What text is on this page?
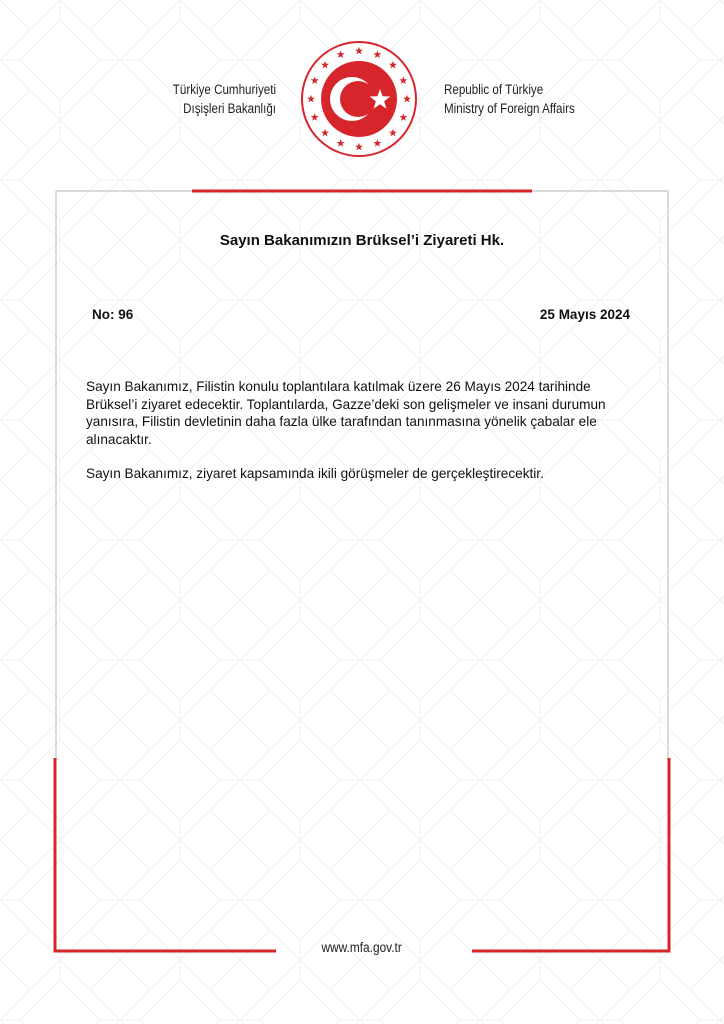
Türkiye Cumhuriyeti
Dışişleri Bakanlığı
Republic of Türkiye
Ministry of Foreign Affairs
Sayın Bakanımızın Brüksel’i Ziyareti Hk.
No: 96	25 Mayıs 2024

Sayın Bakanımız, Filistin konulu toplantılara katılmak üzere 26 Mayıs 2024 tarihinde Brüksel’i ziyaret edecektir. Toplantılarda, Gazze’deki son gelişmeler ve insani durumun yanısıra, Filistin devletinin daha fazla ülke tarafından tanınmasına yönelik çabalar ele alınacaktır.

Sayın Bakanımız, ziyaret kapsamında ikili görüşmeler de gerçekleştirecektir.

www.mfa.gov.tr
